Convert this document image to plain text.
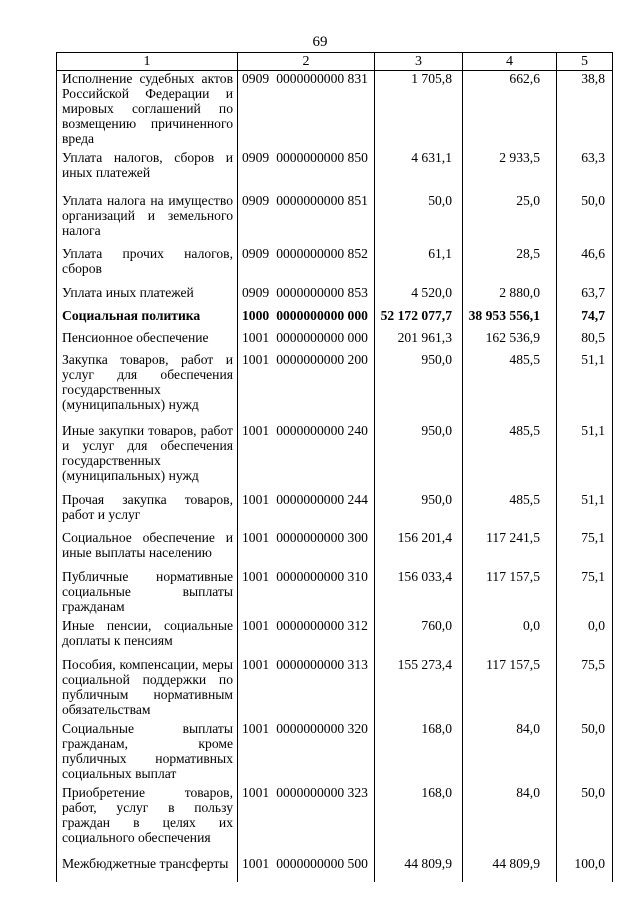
69
1	2	3	4	5
Исполнение судебных актов Российской Федерации и мировых соглашений по возмещению причиненного вреда	0909 0000000000 831	1 705,8	662,6	38,8
Уплата налогов, сборов и иных платежей	0909 0000000000 850	4 631,1	2 933,5	63,3
Уплата налога на имущество организаций и земельного налога	0909 0000000000 851	50,0	25,0	50,0
Уплата прочих налогов, сборов	0909 0000000000 852	61,1	28,5	46,6
Уплата иных платежей	0909 0000000000 853	4 520,0	2 880,0	63,7
Социальная политика	1000 0000000000 000	52 172 077,7	38 953 556,1	74,7
Пенсионное обеспечение	1001 0000000000 000	201 961,3	162 536,9	80,5
Закупка товаров, работ и услуг для обеспечения государственных (муниципальных) нужд	1001 0000000000 200	950,0	485,5	51,1
Иные закупки товаров, работ и услуг для обеспечения государственных (муниципальных) нужд	1001 0000000000 240	950,0	485,5	51,1
Прочая закупка товаров, работ и услуг	1001 0000000000 244	950,0	485,5	51,1
Социальное обеспечение и иные выплаты населению	1001 0000000000 300	156 201,4	117 241,5	75,1
Публичные нормативные социальные выплаты гражданам	1001 0000000000 310	156 033,4	117 157,5	75,1
Иные пенсии, социальные доплаты к пенсиям	1001 0000000000 312	760,0	0,0	0,0
Пособия, компенсации, меры социальной поддержки по публичным нормативным обязательствам	1001 0000000000 313	155 273,4	117 157,5	75,5
Социальные выплаты гражданам, кроме публичных нормативных социальных выплат	1001 0000000000 320	168,0	84,0	50,0
Приобретение товаров, работ, услуг в пользу граждан в целях их социального обеспечения	1001 0000000000 323	168,0	84,0	50,0
Межбюджетные трансферты	1001 0000000000 500	44 809,9	44 809,9	100,0
